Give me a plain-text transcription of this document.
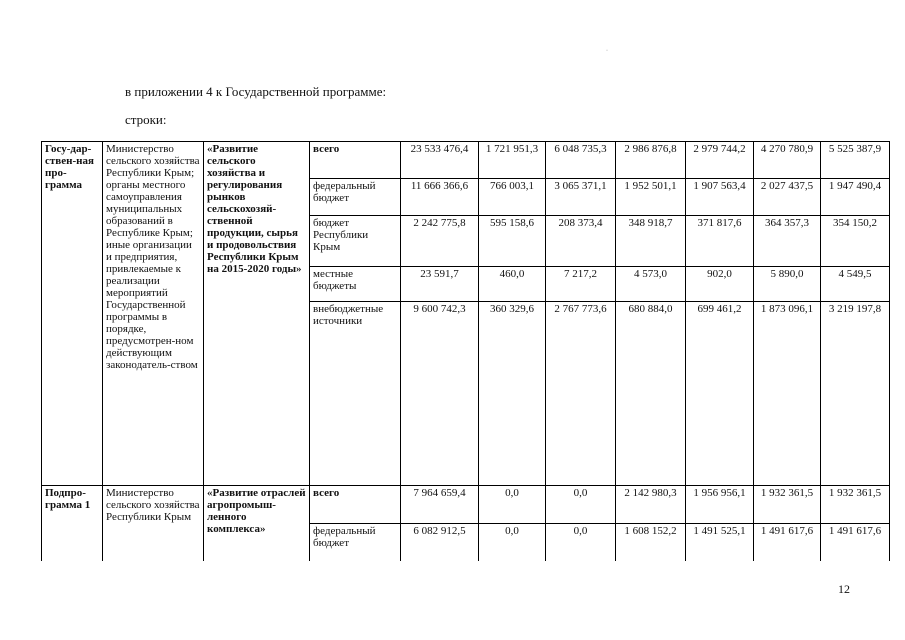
·
в приложении 4 к Государственной программе:
строки:
Госу-дар-ствен-ная про-грамма	Министерство сельского хозяйства Республики Крым; органы местного самоуправления муниципальных образований в Республике Крым; иные организации и предприятия, привлекаемые к реализации мероприятий Государственной программы в порядке, предусмотрен-ном действующим законодатель-ством	«Развитие сельского хозяйства и регулирования рынков сельскохозяй-ственной продукции, сырья и продовольствия Республики Крым на 2015-2020 годы»	всего	23 533 476,4	1 721 951,3	6 048 735,3	2 986 876,8	2 979 744,2	4 270 780,9	5 525 387,9
			федеральный бюджет	11 666 366,6	766 003,1	3 065 371,1	1 952 501,1	1 907 563,4	2 027 437,5	1 947 490,4
			бюджет Республики Крым	2 242 775,8	595 158,6	208 373,4	348 918,7	371 817,6	364 357,3	354 150,2
			местные бюджеты	23 591,7	460,0	7 217,2	4 573,0	902,0	5 890,0	4 549,5
			внебюджетные источники	9 600 742,3	360 329,6	2 767 773,6	680 884,0	699 461,2	1 873 096,1	3 219 197,8
Подпро-грамма 1	Министерство сельского хозяйства Республики Крым	«Развитие отраслей агропромыш-ленного комплекса»	всего	7 964 659,4	0,0	0,0	2 142 980,3	1 956 956,1	1 932 361,5	1 932 361,5
			федеральный бюджет	6 082 912,5	0,0	0,0	1 608 152,2	1 491 525,1	1 491 617,6	1 491 617,6
12
